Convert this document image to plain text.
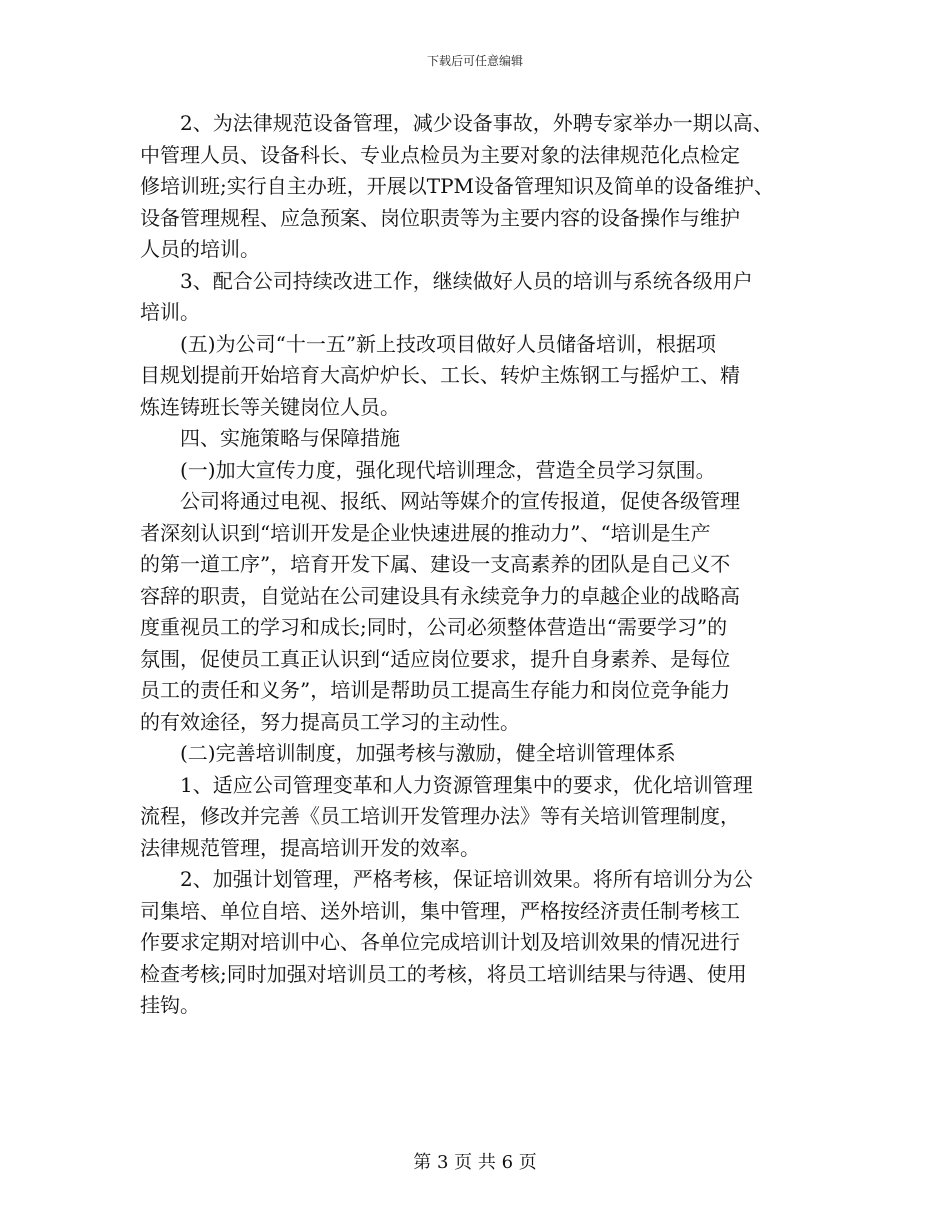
下载后可任意编辑
　　2、为法律规范设备管理，减少设备事故，外聘专家举办一期以高、
中管理人员、设备科长、专业点检员为主要对象的法律规范化点检定
修培训班;实行自主办班，开展以TPM设备管理知识及简单的设备维护、
设备管理规程、应急预案、岗位职责等为主要内容的设备操作与维护
人员的培训。
　　3、配合公司持续改进工作，继续做好人员的培训与系统各级用户
培训。
　　(五)为公司“十一五”新上技改项目做好人员储备培训，根据项
目规划提前开始培育大高炉炉长、工长、转炉主炼钢工与摇炉工、精
炼连铸班长等关键岗位人员。
　　四、实施策略与保障措施
　　(一)加大宣传力度，强化现代培训理念，营造全员学习氛围。
　　公司将通过电视、报纸、网站等媒介的宣传报道，促使各级管理
者深刻认识到“培训开发是企业快速进展的推动力”、“培训是生产
的第一道工序”，培育开发下属、建设一支高素养的团队是自己义不
容辞的职责，自觉站在公司建设具有永续竞争力的卓越企业的战略高
度重视员工的学习和成长;同时，公司必须整体营造出“需要学习”的
氛围，促使员工真正认识到“适应岗位要求，提升自身素养、是每位
员工的责任和义务”，培训是帮助员工提高生存能力和岗位竞争能力
的有效途径，努力提高员工学习的主动性。
　　(二)完善培训制度，加强考核与激励，健全培训管理体系
　　1、适应公司管理变革和人力资源管理集中的要求，优化培训管理
流程，修改并完善《员工培训开发管理办法》等有关培训管理制度，
法律规范管理，提高培训开发的效率。
　　2、加强计划管理，严格考核，保证培训效果。将所有培训分为公
司集培、单位自培、送外培训，集中管理，严格按经济责任制考核工
作要求定期对培训中心、各单位完成培训计划及培训效果的情况进行
检查考核;同时加强对培训员工的考核，将员工培训结果与待遇、使用
挂钩。
第 3 页 共 6 页
